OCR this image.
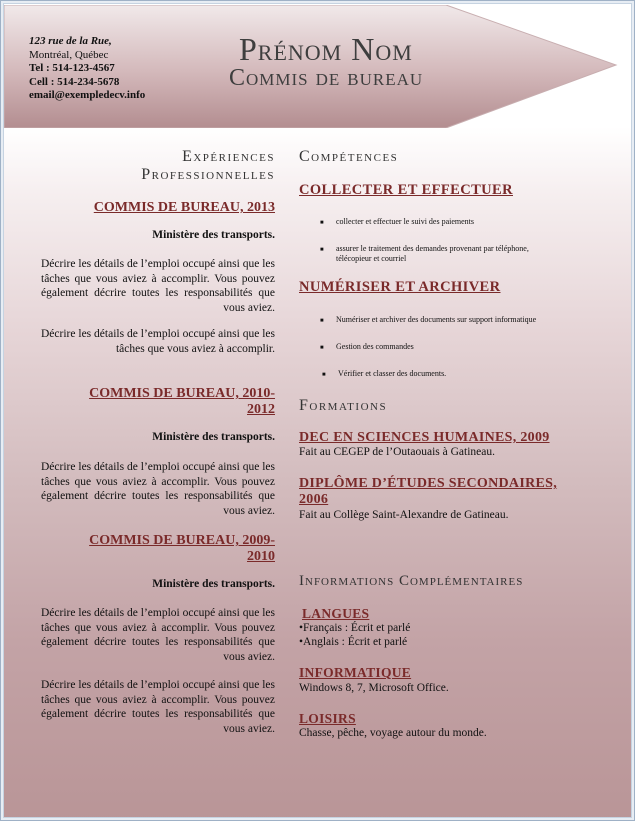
123 rue de la Rue,
Montréal, Québec
Tel : 514-123-4567
Cell : 514-234-5678
email@exempledecv.info
Prénom Nom
Commis de bureau
Expériences
Professionnelles
COMMIS DE BUREAU, 2013
Ministère des transports.
Décrire les détails de l’emploi occupé ainsi que les tâches que vous aviez à accomplir. Vous pouvez également décrire toutes les responsabilités que vous aviez.
Décrire les détails de l’emploi occupé ainsi que les tâches que vous aviez à accomplir.
COMMIS DE BUREAU, 2010-
2012
Ministère des transports.
Décrire les détails de l’emploi occupé ainsi que les tâches que vous aviez à accomplir. Vous pouvez également décrire toutes les responsabilités que vous aviez.
COMMIS DE BUREAU, 2009-
2010
Ministère des transports.
Décrire les détails de l’emploi occupé ainsi que les tâches que vous aviez à accomplir. Vous pouvez également décrire toutes les responsabilités que vous aviez.
Décrire les détails de l’emploi occupé ainsi que les tâches que vous aviez à accomplir. Vous pouvez également décrire toutes les responsabilités que vous aviez.
Compétences
COLLECTER ET EFFECTUER
■ collecter et effectuer le suivi des paiements
■ assurer le traitement des demandes provenant par téléphone, télécopieur et courriel
NUMÉRISER ET ARCHIVER
■ Numériser et archiver des documents sur support informatique
■ Gestion des commandes
■ Vérifier et classer des documents.
Formations
DEC EN SCIENCES HUMAINES, 2009
Fait au CEGEP de l’Outaouais à Gatineau.
DIPLÔME D’ÉTUDES SECONDAIRES,
2006
Fait au Collège Saint-Alexandre de Gatineau.
Informations Complémentaires
LANGUES
•Français : Écrit et parlé
•Anglais : Écrit et parlé
INFORMATIQUE
Windows 8, 7, Microsoft Office.
LOISIRS
Chasse, pêche, voyage autour du monde.
